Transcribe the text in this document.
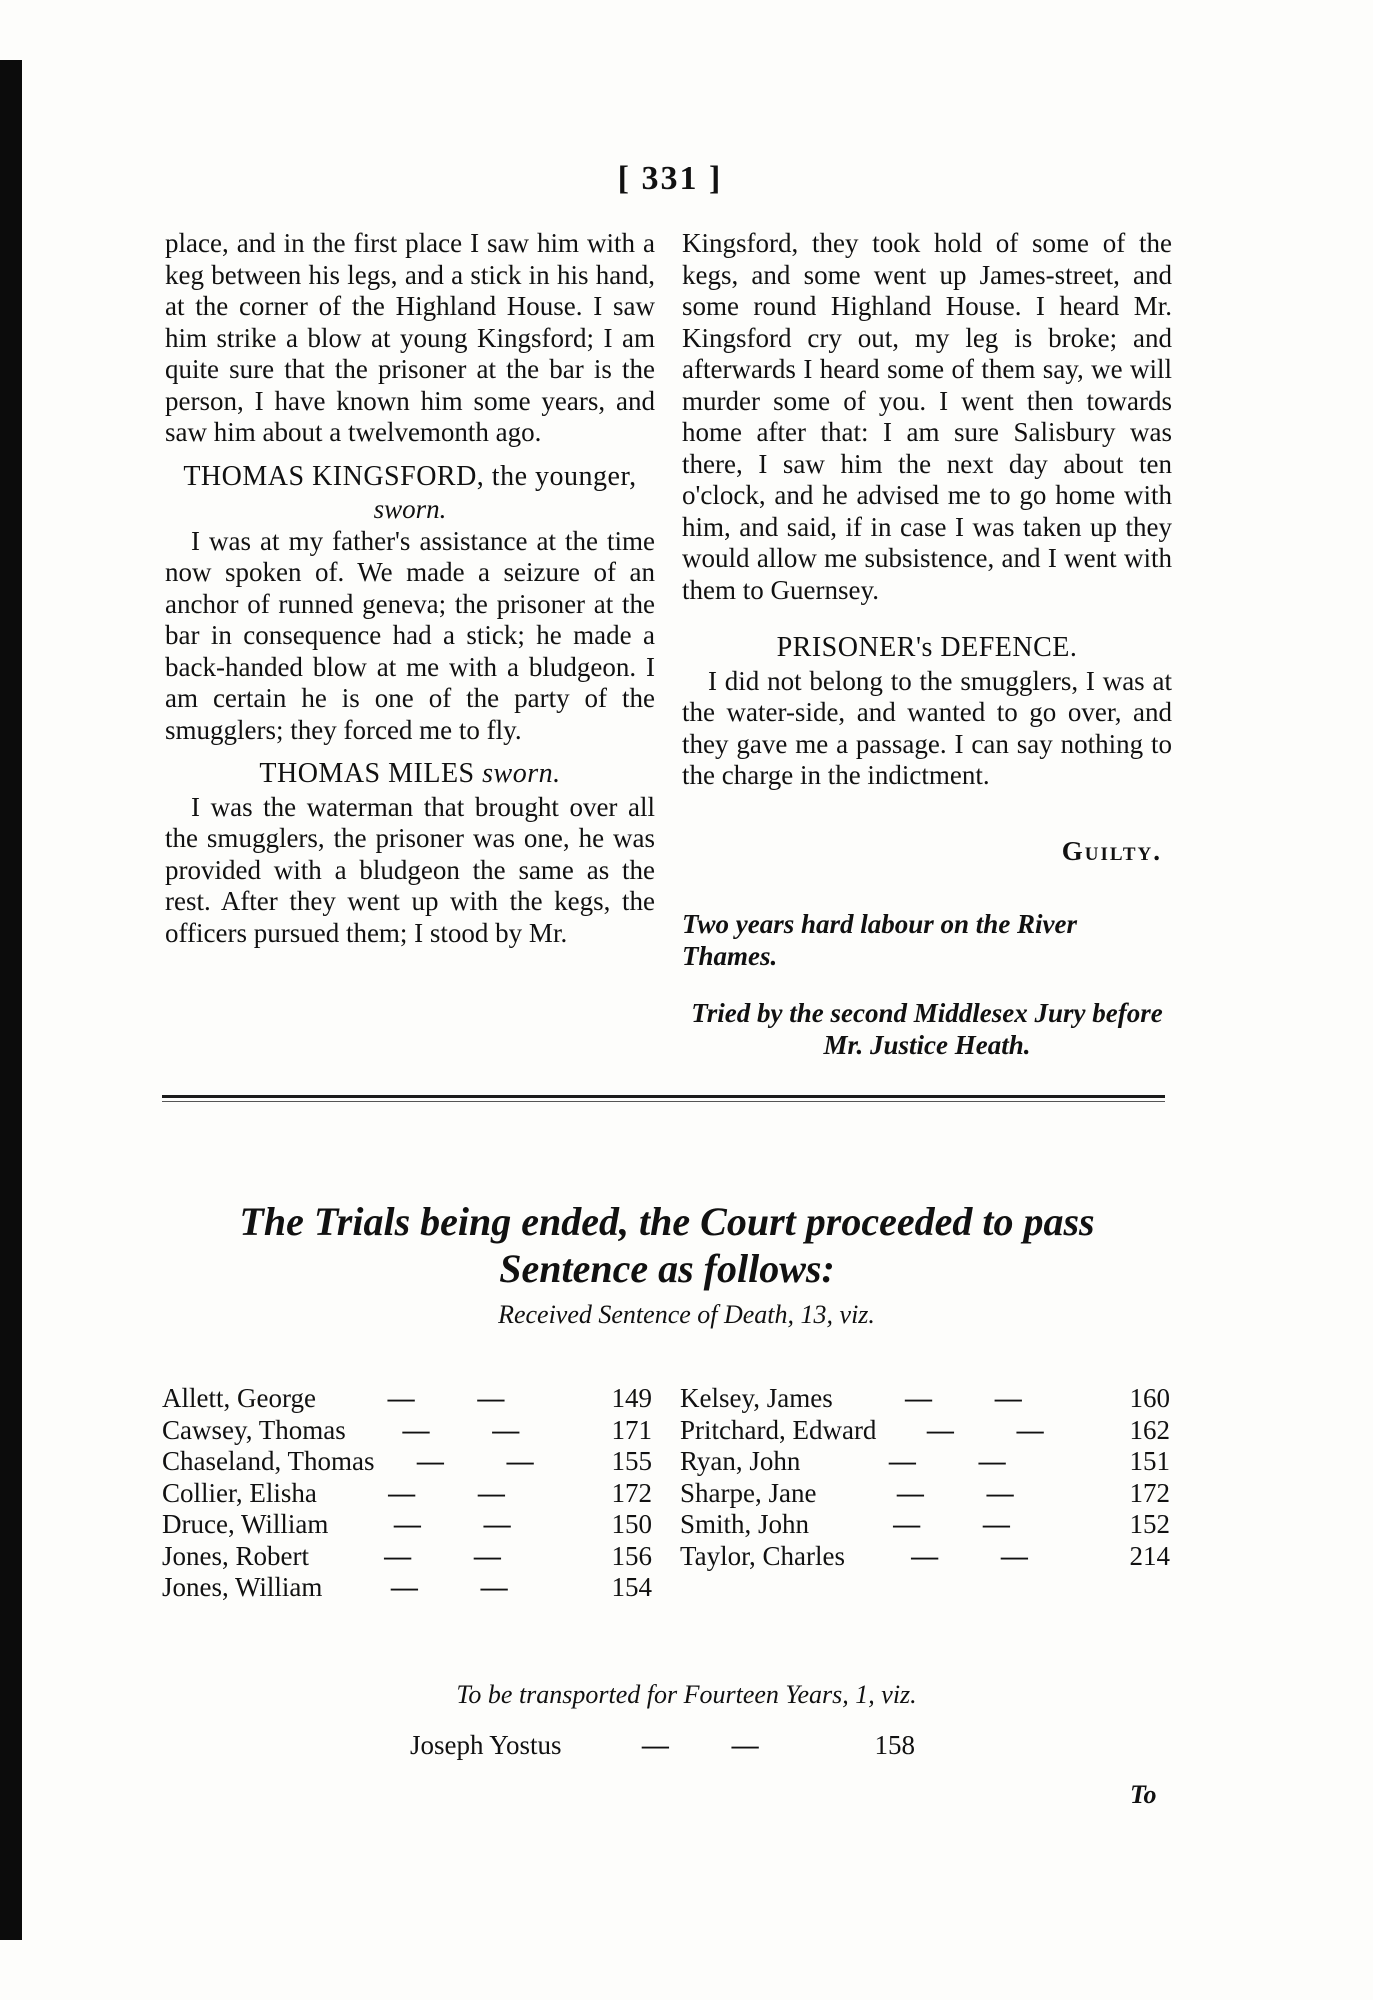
[ 331 ]

place, and in the first place I saw him with a keg between his legs, and a stick in his hand, at the corner of the Highland House. I saw him strike a blow at young Kingsford; I am quite sure that the prisoner at the bar is the person, I have known him some years, and saw him about a twelvemonth ago.

THOMAS KINGSFORD, the younger,
sworn.

I was at my father's assistance at the time now spoken of. We made a seizure of an anchor of runned geneva; the prisoner at the bar in consequence had a stick; he made a back-handed blow at me with a bludgeon. I am certain he is one of the party of the smugglers; they forced me to fly.

THOMAS MILES sworn.

I was the waterman that brought over all the smugglers, the prisoner was one, he was provided with a bludgeon the same as the rest. After they went up with the kegs, the officers pursued them; I stood by Mr.

Kingsford, they took hold of some of the kegs, and some went up James-street, and some round Highland House. I heard Mr. Kingsford cry out, my leg is broke; and afterwards I heard some of them say, we will murder some of you. I went then towards home after that: I am sure Salisbury was there, I saw him the next day about ten o'clock, and he advised me to go home with him, and said, if in case I was taken up they would allow me subsistence, and I went with them to Guernsey.

PRISONER's DEFENCE.

I did not belong to the smugglers, I was at the water-side, and wanted to go over, and they gave me a passage. I can say nothing to the charge in the indictment.

Guilty.
Two years hard labour on the River Thames.
Tried by the second Middlesex Jury before
Mr. Justice Heath.
The Trials being ended, the Court proceeded to pass Sentence as follows:
Received Sentence of Death, 13, viz.
Allett, George	— —	149
Cawsey, Thomas	— —	171
Chaseland, Thomas	— —	155
Collier, Elisha	— —	172
Druce, William	— —	150
Jones, Robert	— —	156
Jones, William	— —	154
Kelsey, James	— —	160
Pritchard, Edward	— —	162
Ryan, John	— —	151
Sharpe, Jane	— —	172
Smith, John	— —	152
Taylor, Charles	— —	214
To be transported for Fourteen Years, 1, viz.
Joseph Yostus	— —	158
To
